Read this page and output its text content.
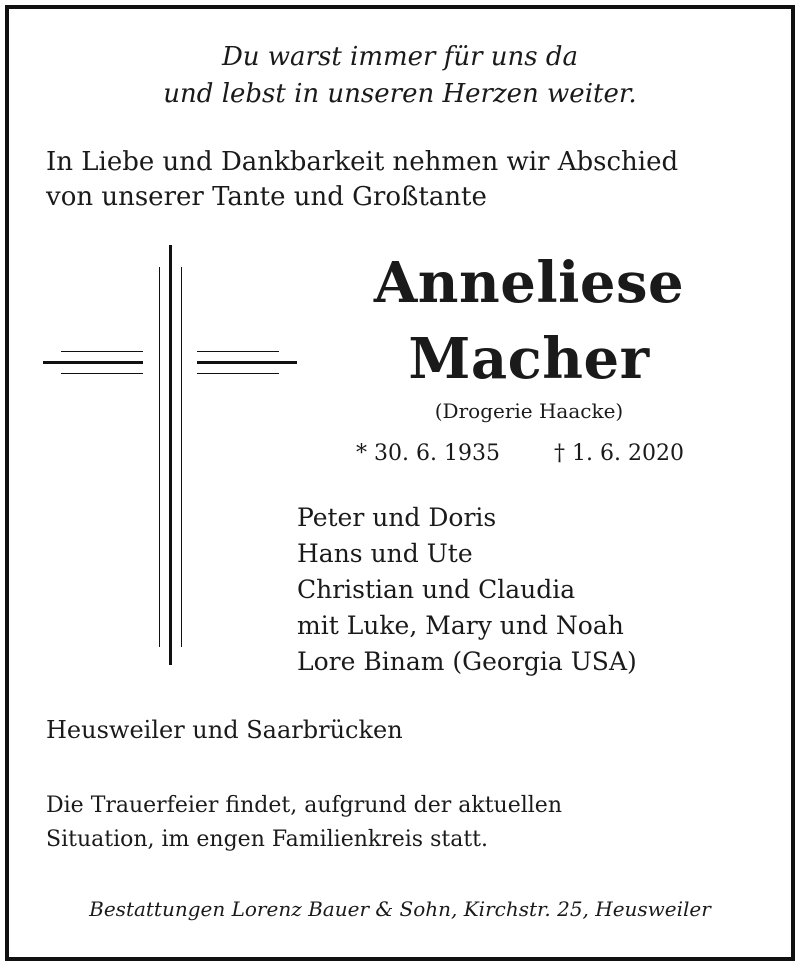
Du warst immer für uns da
und lebst in unseren Herzen weiter.
In Liebe und Dankbarkeit nehmen wir Abschied
von unserer Tante und Großtante
Anneliese
Macher
(Drogerie Haacke)
* 30. 6. 1935 † 1. 6. 2020
Peter und Doris
Hans und Ute
Christian und Claudia
mit Luke, Mary und Noah
Lore Binam (Georgia USA)
Heusweiler und Saarbrücken
Die Trauerfeier findet, aufgrund der aktuellen
Situation, im engen Familienkreis statt.
Bestattungen Lorenz Bauer & Sohn, Kirchstr. 25, Heusweiler
